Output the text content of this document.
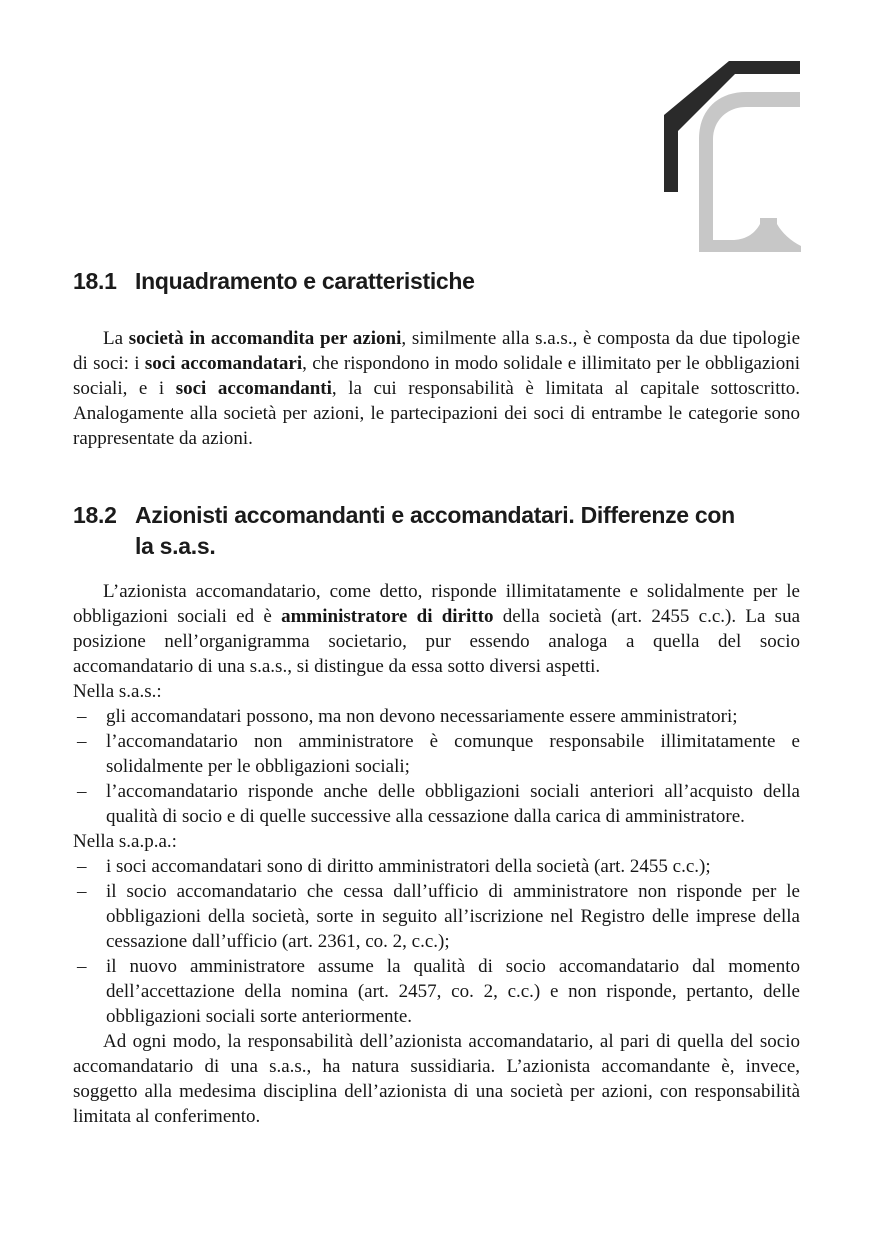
18.1 Inquadramento e caratteristiche

La società in accomandita per azioni, similmente alla s.a.s., è composta da due tipologie di soci: i soci accomandatari, che rispondono in modo solidale e illimitato per le obbligazioni sociali, e i soci accomandanti, la cui responsabilità è limitata al capitale sottoscritto. Analogamente alla società per azioni, le partecipazioni dei soci di entrambe le categorie sono rappresentate da azioni.

18.2 Azionisti accomandanti e accomandatari. Differenze con
la s.a.s.

L’azionista accomandatario, come detto, risponde illimitatamente e solidalmente per le obbligazioni sociali ed è amministratore di diritto della società (art. 2455 c.c.). La sua posizione nell’organigramma societario, pur essendo analoga a quella del socio accomandatario di una s.a.s., si distingue da essa sotto diversi aspetti.

Nella s.a.s.:

–	gli accomandatari possono, ma non devono necessariamente essere amministratori;
–	l’accomandatario non amministratore è comunque responsabile illimitatamente e solidalmente per le obbligazioni sociali;
–	l’accomandatario risponde anche delle obbligazioni sociali anteriori all’acquisto della qualità di socio e di quelle successive alla cessazione dalla carica di amministratore.

Nella s.a.p.a.:

–	i soci accomandatari sono di diritto amministratori della società (art. 2455 c.c.);
–	il socio accomandatario che cessa dall’ufficio di amministratore non risponde per le obbligazioni della società, sorte in seguito all’iscrizione nel Registro delle imprese della cessazione dall’ufficio (art. 2361, co. 2, c.c.);
–	il nuovo amministratore assume la qualità di socio accomandatario dal momento dell’accettazione della nomina (art. 2457, co. 2, c.c.) e non risponde, pertanto, delle obbligazioni sociali sorte anteriormente.

Ad ogni modo, la responsabilità dell’azionista accomandatario, al pari di quella del socio accomandatario di una s.a.s., ha natura sussidiaria. L’azionista accomandante è, invece, soggetto alla medesima disciplina dell’azionista di una società per azioni, con responsabilità limitata al conferimento.
